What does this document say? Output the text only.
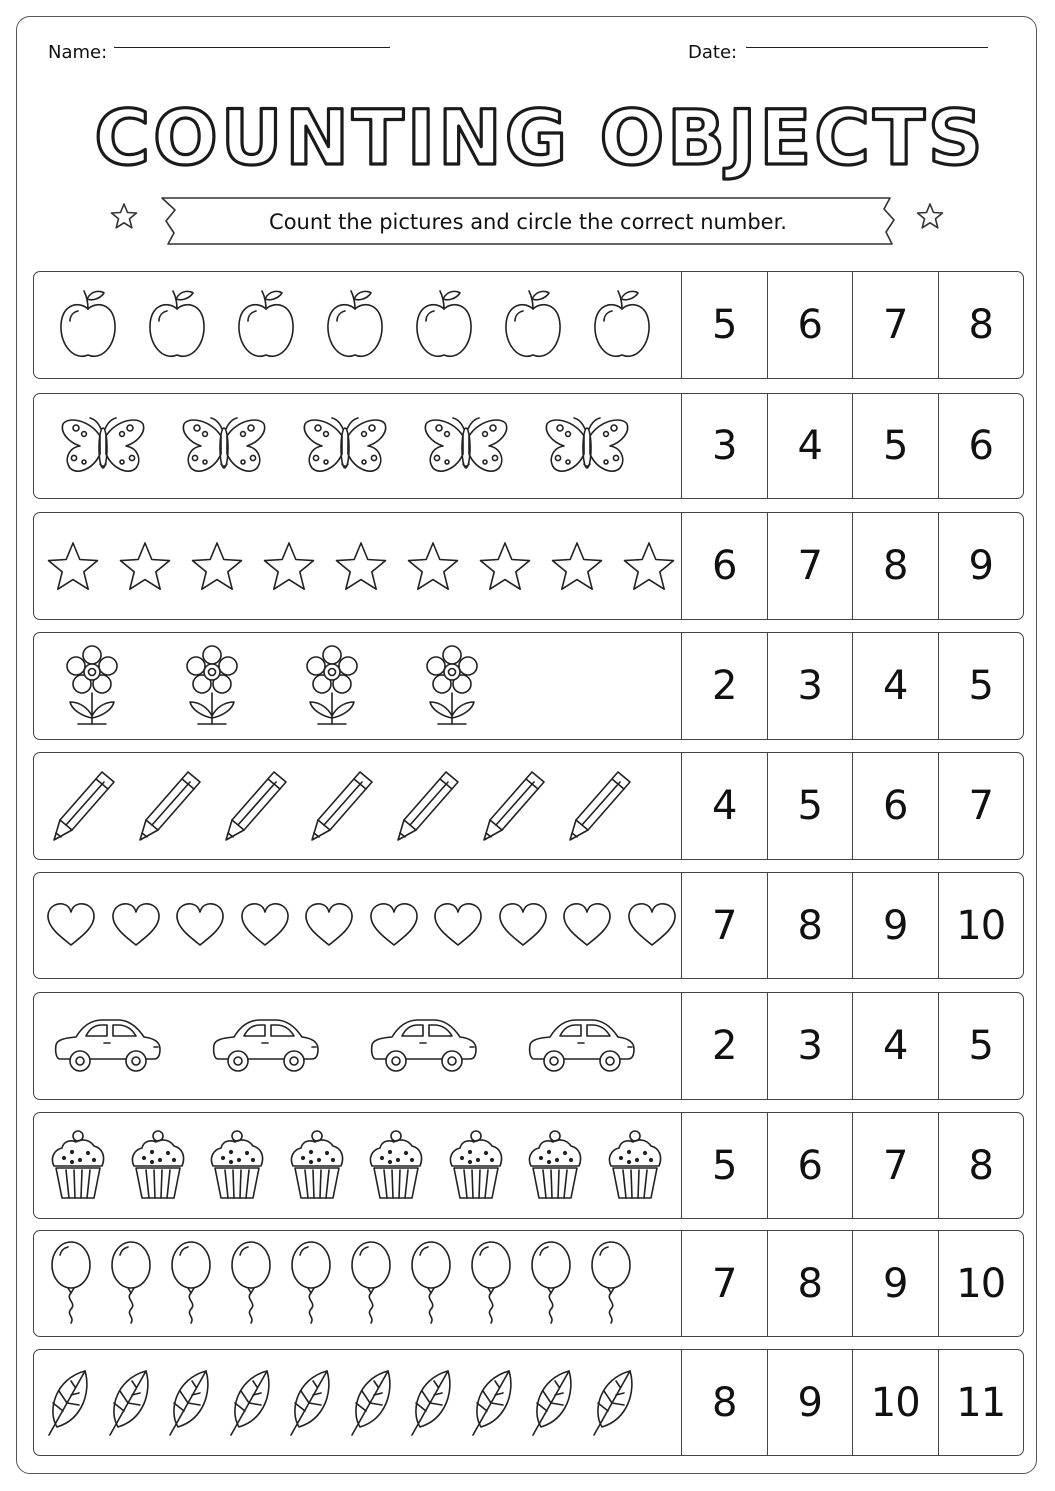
Name:	Date:
COUNTING OBJECTS
Count the pictures and circle the correct number.
5	6	7	8
3	4	5	6
6	7	8	9
2	3	4	5
4	5	6	7
7	8	9	10
2	3	4	5
5	6	7	8
7	8	9	10
8	9	10 11
